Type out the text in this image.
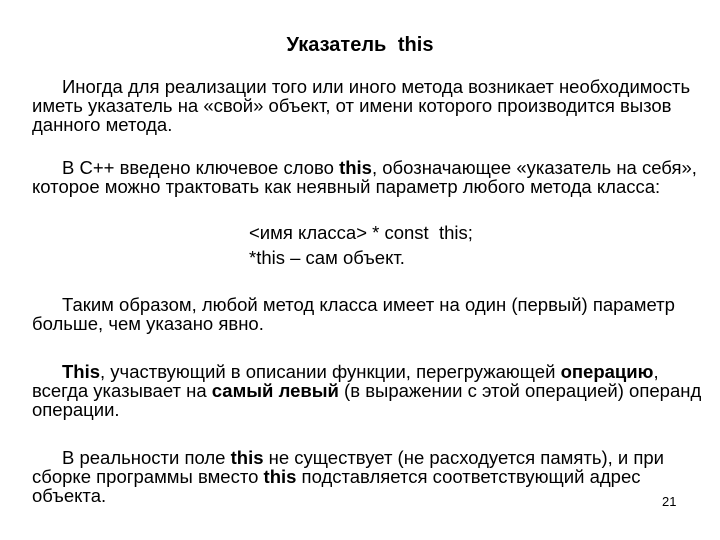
Указатель this

Иногда для реализации того или иного метода возникает необходимость иметь указатель на «свой» объект, от имени которого производится вызов данного метода.

В С++ введено ключевое слово this, обозначающее «указатель на себя», которое можно трактовать как неявный параметр любого метода класса:

<имя класса> * const  this;
*this – сам объект.

Таким образом, любой метод класса имеет на один (первый) параметр больше, чем указано явно.

This, участвующий в описании функции, перегружающей операцию, всегда указывает на самый левый (в выражении с этой операцией) операнд операции.

В реальности поле this не существует (не расходуется память), и при сборке программы вместо this подставляется соответствующий адрес объекта.	21
